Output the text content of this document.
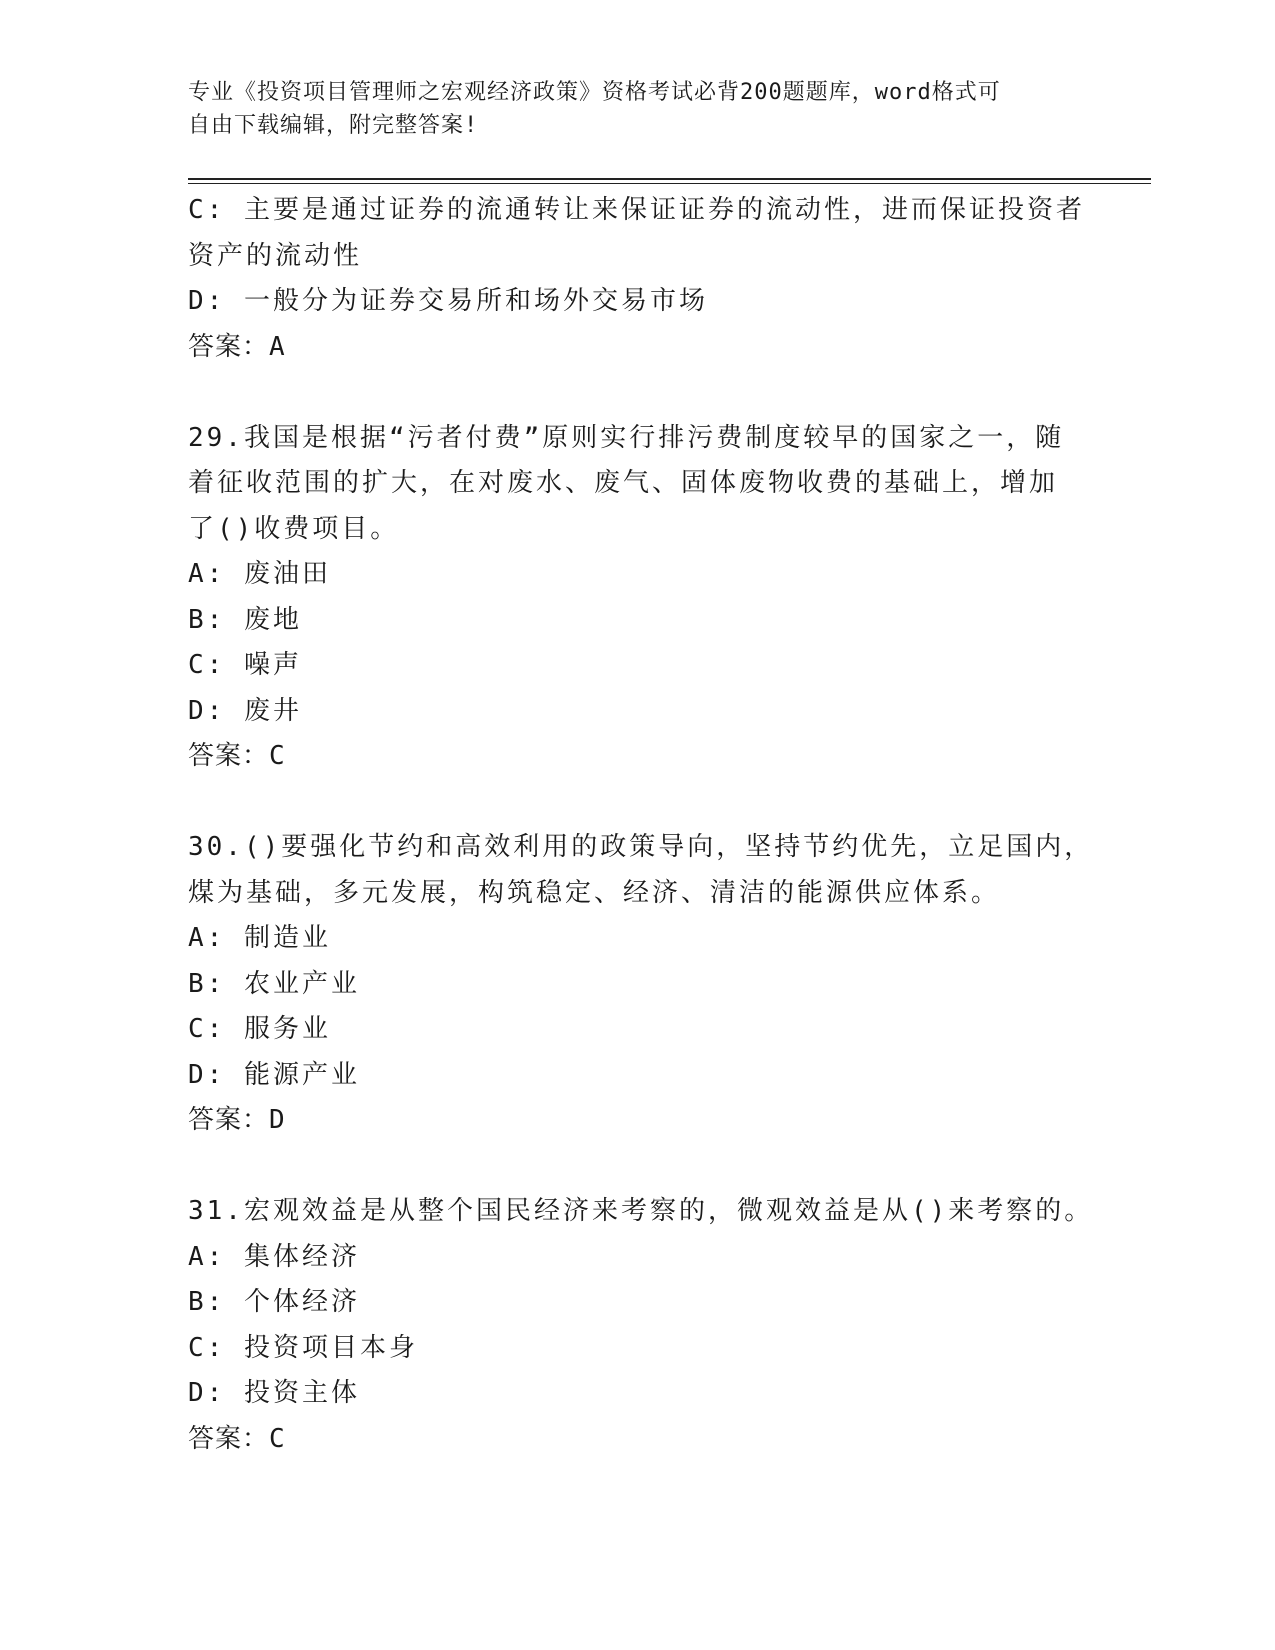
专业《投资项目管理师之宏观经济政策》资格考试必背200题题库，word格式可
自由下载编辑，附完整答案!
C: 主要是通过证券的流通转让来保证证券的流动性，进而保证投资者
资产的流动性
D: 一般分为证券交易所和场外交易市场
答案：A
29.我国是根据“污者付费”原则实行排污费制度较早的国家之一，随
着征收范围的扩大，在对废水、废气、固体废物收费的基础上，增加
了()收费项目。
A: 废油田
B: 废地
C: 噪声
D: 废井
答案：C
30.()要强化节约和高效利用的政策导向，坚持节约优先，立足国内，
煤为基础，多元发展，构筑稳定、经济、清洁的能源供应体系。
A: 制造业
B: 农业产业
C: 服务业
D: 能源产业
答案：D
31.宏观效益是从整个国民经济来考察的，微观效益是从()来考察的。
A: 集体经济
B: 个体经济
C: 投资项目本身
D: 投资主体
答案：C
